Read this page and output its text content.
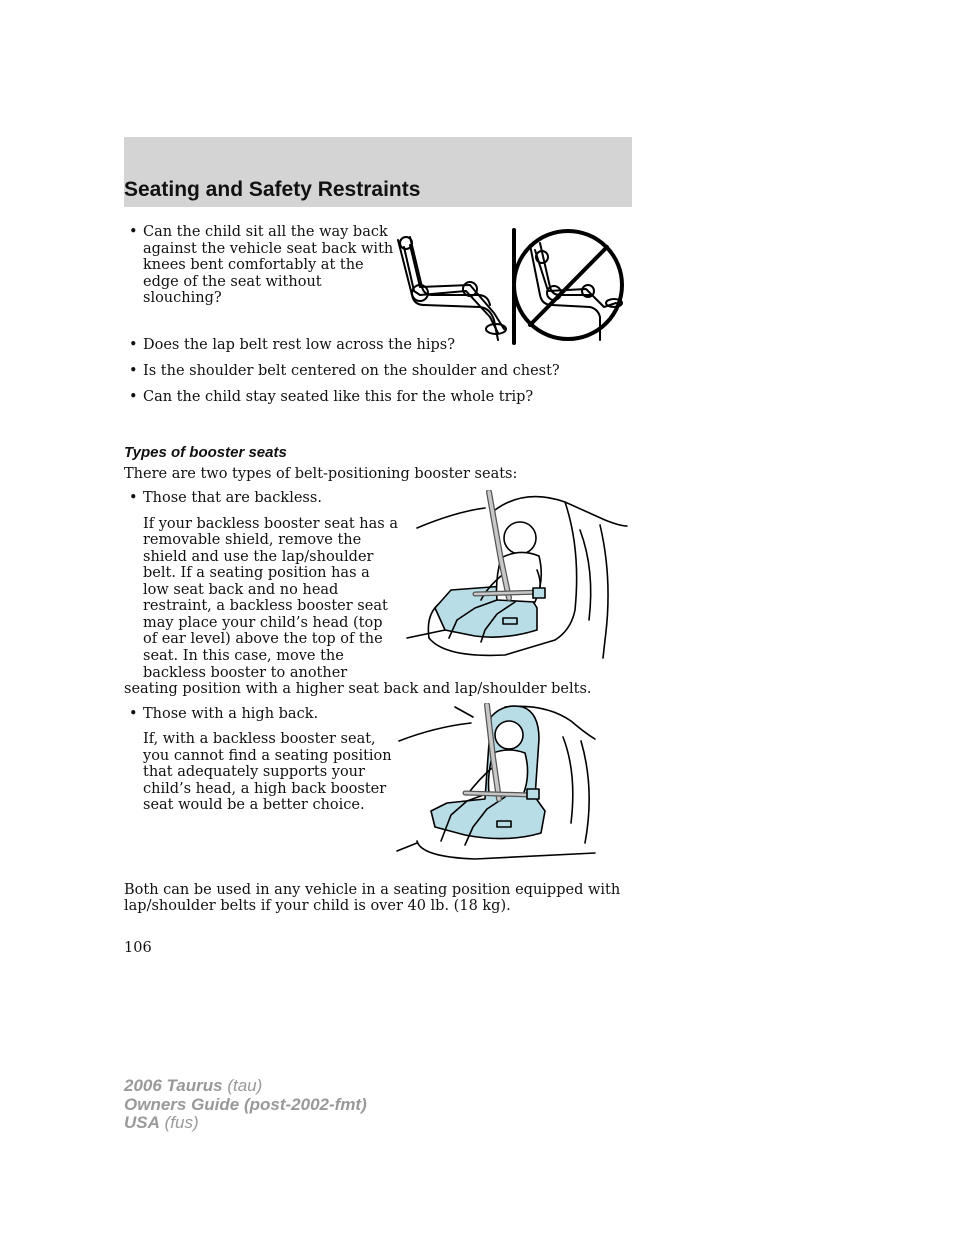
Seating and Safety Restraints
• Can the child sit all the way back
against the vehicle seat back with
knees bent comfortably at the
edge of the seat without
slouching?
• Does the lap belt rest low across the hips?
• Is the shoulder belt centered on the shoulder and chest?
• Can the child stay seated like this for the whole trip?
Types of booster seats
There are two types of belt-positioning booster seats:
• Those that are backless.
If your backless booster seat has a
removable shield, remove the
shield and use the lap/shoulder
belt. If a seating position has a
low seat back and no head
restraint, a backless booster seat
may place your child’s head (top
of ear level) above the top of the
seat. In this case, move the
backless booster to another
seating position with a higher seat back and lap/shoulder belts.
• Those with a high back.
If, with a backless booster seat,
you cannot find a seating position
that adequately supports your
child’s head, a high back booster
seat would be a better choice.
Both can be used in any vehicle in a seating position equipped with
lap/shoulder belts if your child is over 40 lb. (18 kg).
106
2006 Taurus (tau)
Owners Guide (post-2002-fmt)
USA (fus)
